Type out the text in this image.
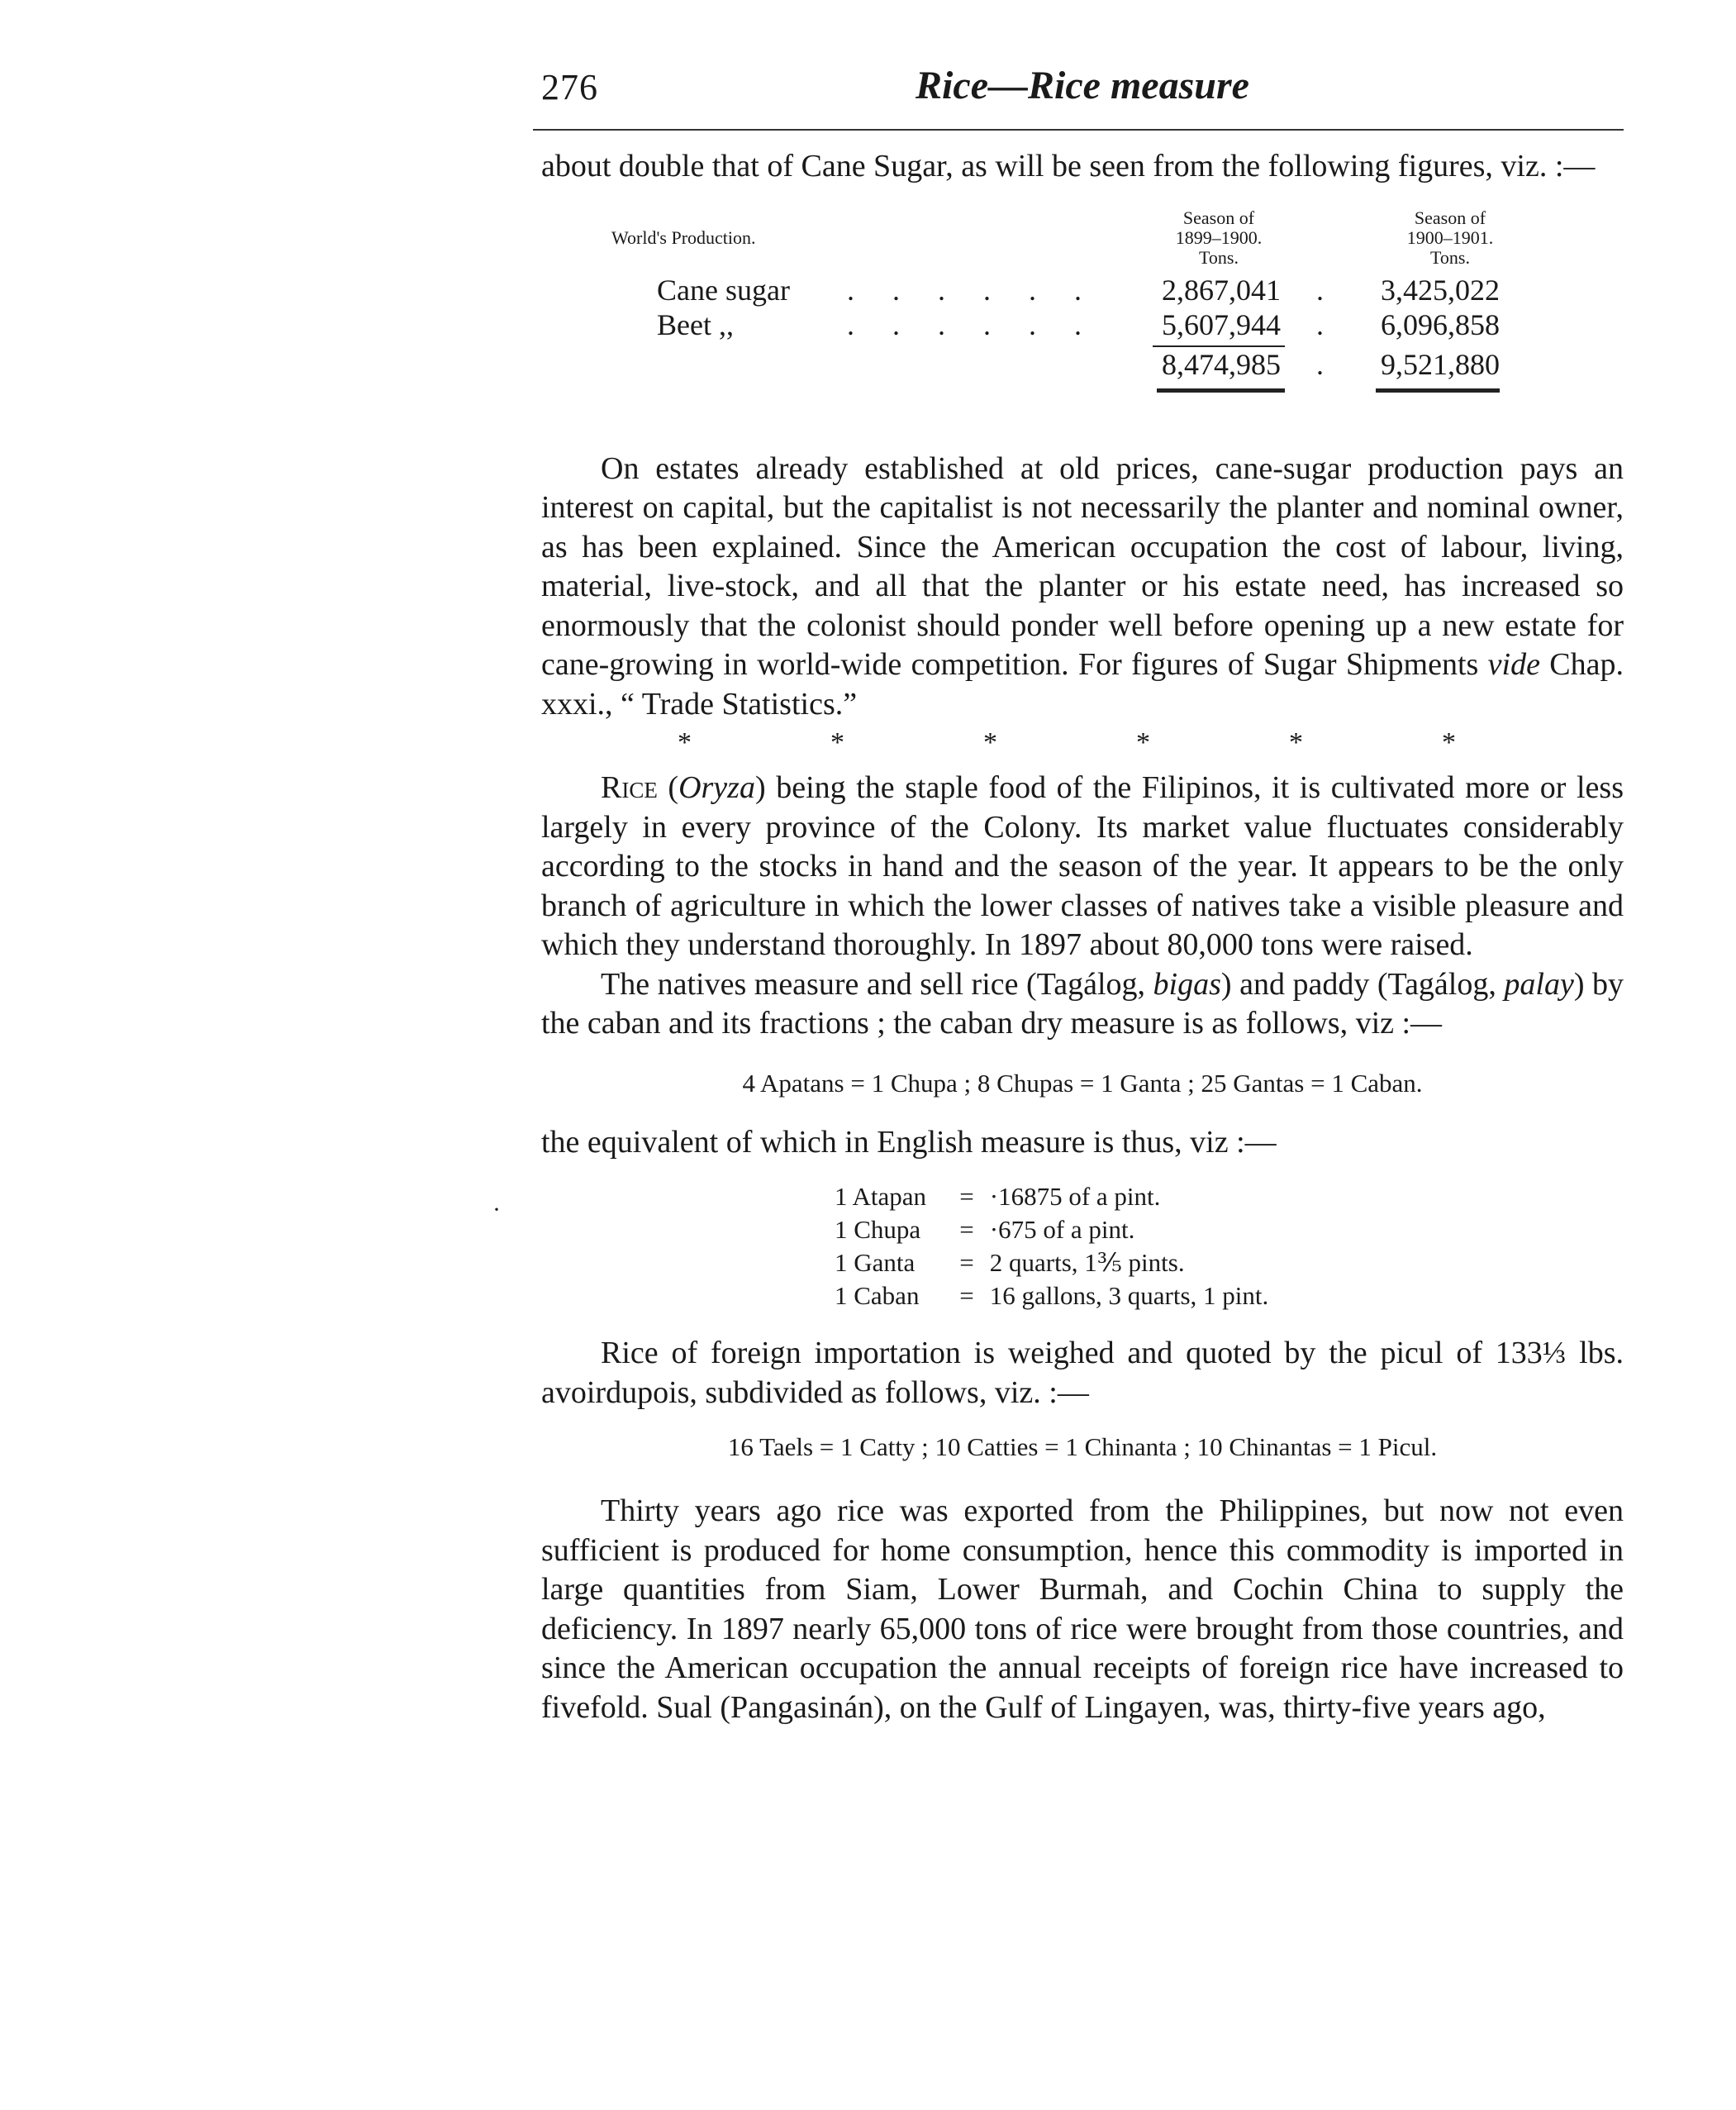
·
276	Rice—Rice measure

about double that of Cane Sugar, as will be seen from the following figures, viz. :—

World's Production.
Season of
1899–1900.
Tons.
Season of
1900–1901.
Tons.
Cane sugar ......	2,867,041 .	3,425,022
Beet ,,	......	5,607,944 .	6,096,858
8,474,985 .	9,521,880

On estates already established at old prices, cane-sugar production pays an interest on capital, but the capitalist is not necessarily the planter and nominal owner, as has been explained. Since the American occupation the cost of labour, living, material, live-stock, and all that the planter or his estate need, has increased so enormously that the colonist should ponder well before opening up a new estate for cane-growing in world-wide competition. For figures of Sugar Shipments vide Chap. xxxi., “ Trade Statistics.”

*	*	*	*	*	*

Rice (Oryza) being the staple food of the Filipinos, it is cultivated more or less largely in every province of the Colony. Its market value fluctuates considerably according to the stocks in hand and the season of the year. It appears to be the only branch of agriculture in which the lower classes of natives take a visible pleasure and which they understand thoroughly. In 1897 about 80,000 tons were raised.

The natives measure and sell rice (Tagálog, bigas) and paddy (Tagálog, palay) by the caban and its fractions ; the caban dry measure is as follows, viz :—

4 Apatans = 1 Chupa ; 8 Chupas = 1 Ganta ; 25 Gantas = 1 Caban.

the equivalent of which in English measure is thus, viz :—

1 Atapan = ·16875 of a pint.
1 Chupa = ·675 of a pint.
1 Ganta = 2 quarts, 1⅗ pints.
1 Caban = 16 gallons, 3 quarts, 1 pint.

Rice of foreign importation is weighed and quoted by the picul of 133⅓ lbs. avoirdupois, subdivided as follows, viz. :—

16 Taels = 1 Catty ; 10 Catties = 1 Chinanta ; 10 Chinantas = 1 Picul.

Thirty years ago rice was exported from the Philippines, but now not even sufficient is produced for home consumption, hence this commodity is imported in large quantities from Siam, Lower Burmah, and Cochin China to supply the deficiency. In 1897 nearly 65,000 tons of rice were brought from those countries, and since the American occupation the annual receipts of foreign rice have increased to fivefold. Sual (Pangasinán), on the Gulf of Lingayen, was, thirty-five years ago,
